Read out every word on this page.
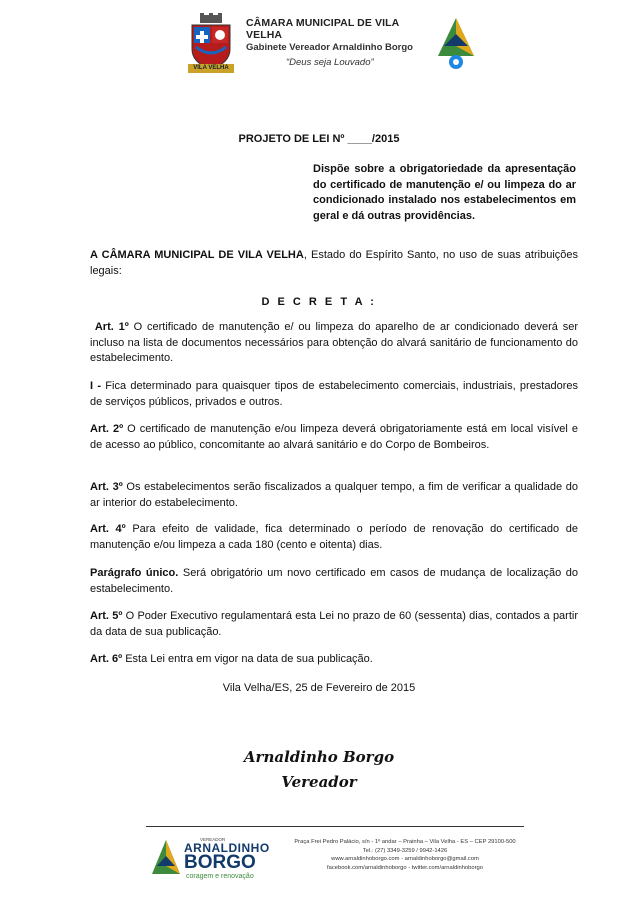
VILA VELHA
CÂMARA MUNICIPAL DE VILA VELHA
Gabinete Vereador Arnaldinho Borgo
“Deus seja Louvado”
PROJETO DE LEI Nº ____/2015
Dispõe sobre a obrigatoriedade da apresentação do certificado de manutenção e/ ou limpeza do ar condicionado instalado nos estabelecimentos em geral e dá outras providências.
A CÂMARA MUNICIPAL DE VILA VELHA, Estado do Espírito Santo, no uso de suas atribuições legais:
D E C R E T A :
Art. 1º O certificado de manutenção e/ ou limpeza do aparelho de ar condicionado deverá ser incluso na lista de documentos necessários para obtenção do alvará sanitário de funcionamento do estabelecimento.
I - Fica determinado para quaisquer tipos de estabelecimento comerciais, industriais, prestadores de serviços públicos, privados e outros.
Art. 2º O certificado de manutenção e/ou limpeza deverá obrigatoriamente está em local visível e de acesso ao público, concomitante ao alvará sanitário e do Corpo de Bombeiros.
Art. 3º Os estabelecimentos serão fiscalizados a qualquer tempo, a fim de verificar a qualidade do ar interior do estabelecimento.
Art. 4º Para efeito de validade, fica determinado o período de renovação do certificado de manutenção e/ou limpeza a cada 180 (cento e oitenta) dias.
Parágrafo único. Será obrigatório um novo certificado em casos de mudança de localização do estabelecimento.
Art. 5º O Poder Executivo regulamentará esta Lei no prazo de 60 (sessenta) dias, contados a partir da data de sua publicação.
Art. 6º Esta Lei entra em vigor na data de sua publicação.
Vila Velha/ES, 25 de Fevereiro de 2015
Arnaldinho Borgo
Vereador
VEREADOR
ARNALDINHO
BORGO
coragem e renovação
Praça Frei Pedro Palácio, s/n - 1º andar – Prainha – Vila Velha - ES – CEP 29100-500
Tel.: (27) 3349-3259 / 9942-1426
www.arnaldinhoborgo.com - arnaldinhoborgo@gmail.com
facebook.com/arnaldinhoborgo - twitter.com/arnaldinhoborgo
